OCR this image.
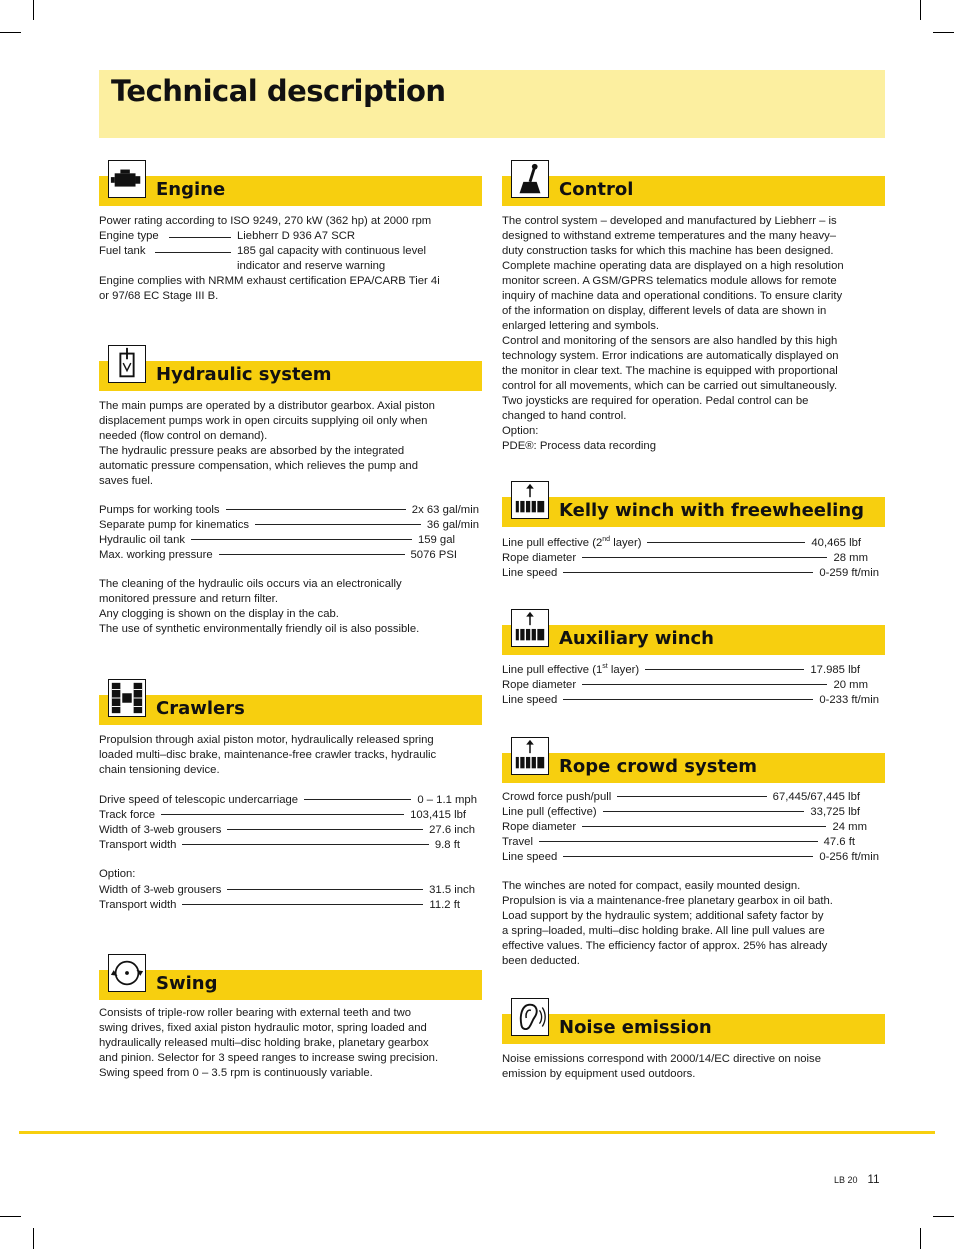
Technical description
Engine

Power rating according to ISO 9249, 270 kW (362 hp) at 2000 rpm

Engine type	Liebherr D 936 A7 SCR
Fuel tank	185 gal capacity with continuous level

indicator and reserve warning

Engine complies with NRMM exhaust certification EPA/CARB Tier 4i

or 97/68 EC Stage III B.

Hydraulic system

The main pumps are operated by a distributor gearbox. Axial piston

displacement pumps work in open circuits supplying oil only when

needed (flow control on demand).

The hydraulic pressure peaks are absorbed by the integrated

automatic pressure compensation, which relieves the pump and

saves fuel.

Pumps for working tools	2x 63 gal/min
Separate pump for kinematics	36 gal/min
Hydraulic oil tank	159 gal
Max. working pressure	5076 PSI

The cleaning of the hydraulic oils occurs via an electronically

monitored pressure and return filter.

Any clogging is shown on the display in the cab.

The use of synthetic environmentally friendly oil is also possible.

Crawlers

Propulsion through axial piston motor, hydraulically released spring

loaded multi–disc brake, maintenance-free crawler tracks, hydraulic

chain tensioning device.

Drive speed of telescopic undercarriage	0 – 1.1 mph
Track force	103,415 lbf
Width of 3-web grousers	27.6 inch
Transport width	9.8 ft

Option:

Width of 3-web grousers	31.5 inch
Transport width	11.2 ft
Swing

Consists of triple-row roller bearing with external teeth and two

swing drives, fixed axial piston hydraulic motor, spring loaded and

hydraulically released multi–disc holding brake, planetary gearbox

and pinion. Selector for 3 speed ranges to increase swing precision.

Swing speed from 0 – 3.5 rpm is continuously variable.

Control

The control system – developed and manufactured by Liebherr – is

designed to withstand extreme temperatures and the many heavy–

duty construction tasks for which this machine has been designed.

Complete machine operating data are displayed on a high resolution

monitor screen. A GSM/GPRS telematics module allows for remote

inquiry of machine data and operational conditions. To ensure clarity

of the information on display, different levels of data are shown in

enlarged lettering and symbols.

Control and monitoring of the sensors are also handled by this high

technology system. Error indications are automatically displayed on

the monitor in clear text. The machine is equipped with proportional

control for all movements, which can be carried out simultaneously.

Two joysticks are required for operation. Pedal control can be

changed to hand control.

Option:

PDE®: Process data recording

Kelly winch with freewheeling
Line pull effective (2nd layer)	40,465 lbf
Rope diameter	28 mm
Line speed	0-259 ft/min
Auxiliary winch
Line pull effective (1st layer)	17.985 lbf
Rope diameter	20 mm
Line speed	0-233 ft/min
Rope crowd system
Crowd force push/pull	67,445/67,445 lbf
Line pull (effective)	33,725 lbf
Rope diameter	24 mm
Travel	47.6 ft
Line speed	0-256 ft/min

The winches are noted for compact, easily mounted design.

Propulsion is via a maintenance-free planetary gearbox in oil bath.

Load support by the hydraulic system; additional safety factor by

a spring–loaded, multi–disc holding brake. All line pull values are

effective values. The efficiency factor of approx. 25% has already

been deducted.

Noise emission

Noise emissions correspond with 2000/14/EC directive on noise

emission by equipment used outdoors.

LB 20 11
